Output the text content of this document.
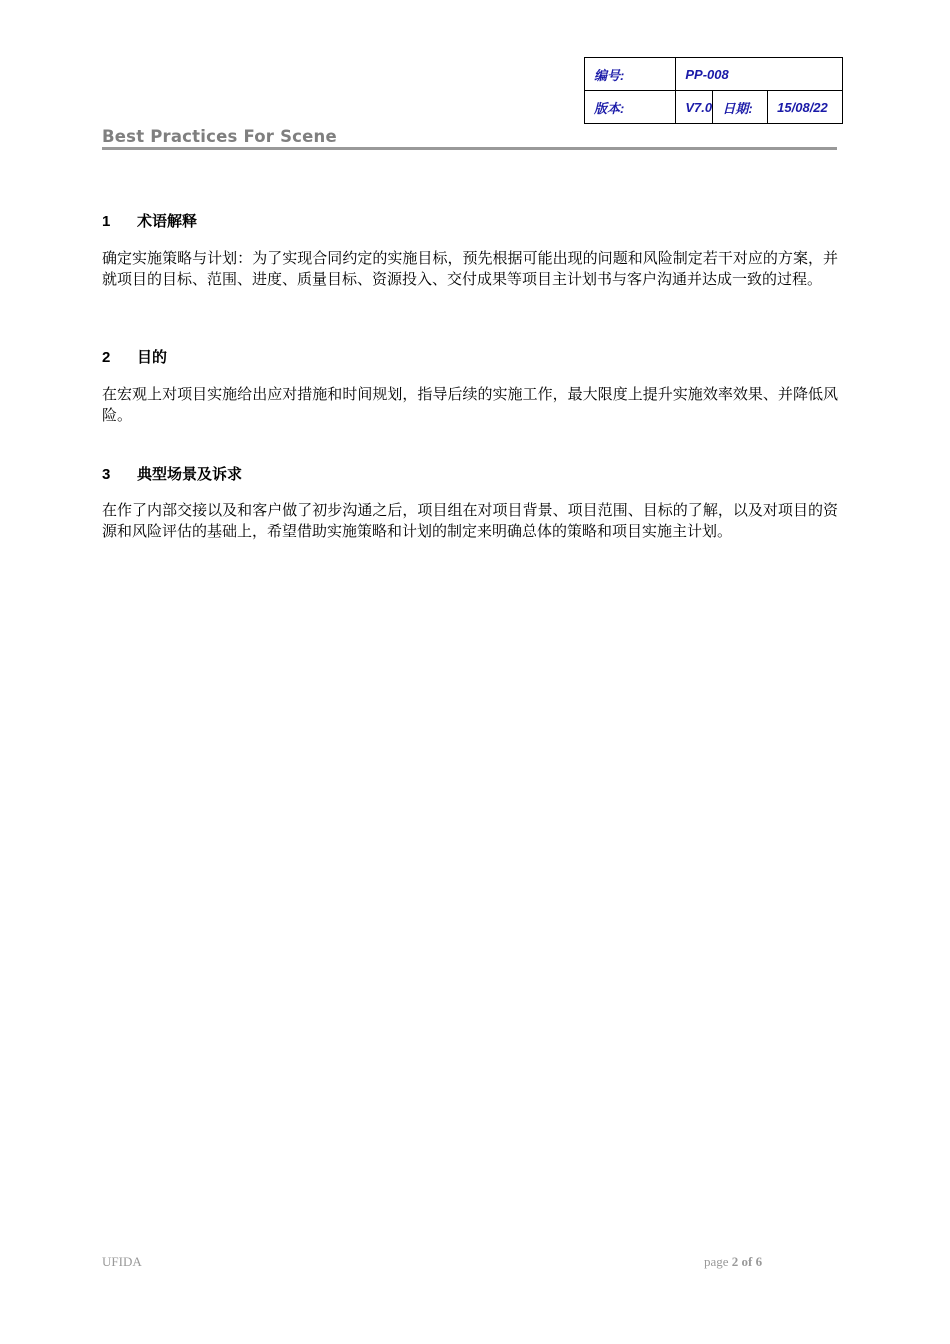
编号:	PP-008		
版本:	V7.0	日期:	15/08/22
Best Practices For Scene
1 术语解释

确定实施策略与计划：为了实现合同约定的实施目标，预先根据可能出现的问题和风险制定若干对应的方案，并就项目的目标、范围、进度、质量目标、资源投入、交付成果等项目主计划书与客户沟通并达成一致的过程。

2 目的

在宏观上对项目实施给出应对措施和时间规划，指导后续的实施工作，最大限度上提升实施效率效果、并降低风险。

3 典型场景及诉求

在作了内部交接以及和客户做了初步沟通之后，项目组在对项目背景、项目范围、目标的了解，以及对项目的资源和风险评估的基础上，希望借助实施策略和计划的制定来明确总体的策略和项目实施主计划。

UFIDA	page 2 of 6
